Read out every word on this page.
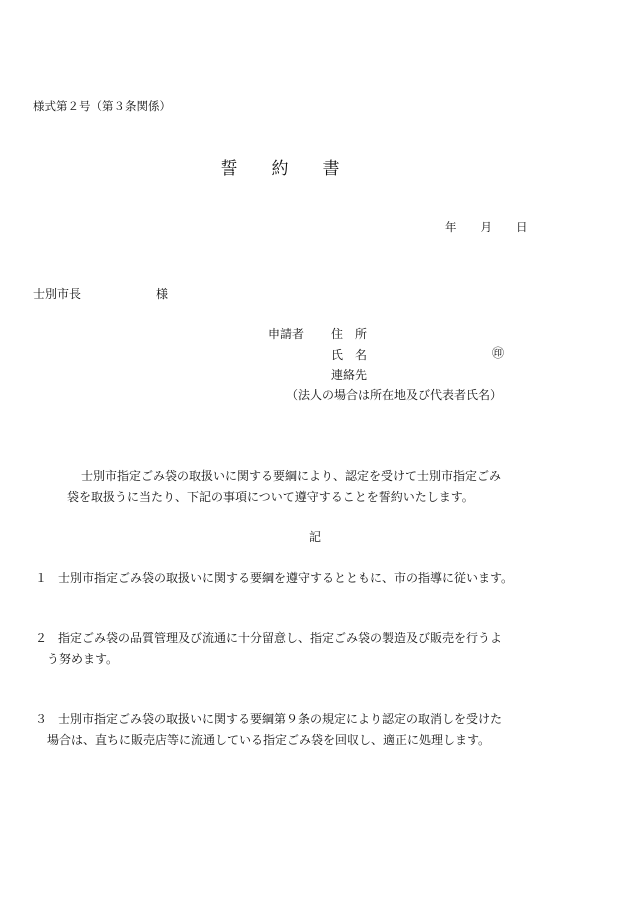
様式第２号（第３条関係）
誓 約 書
年 月 日
士別市長	様
申請者 住　所
氏　名	㊞
連絡先
（法人の場合は所在地及び代表者氏名）
士別市指定ごみ袋の取扱いに関する要綱により、認定を受けて士別市指定ごみ
袋を取扱うに当たり、下記の事項について遵守することを誓約いたします。
記
１ 士別市指定ごみ袋の取扱いに関する要綱を遵守するとともに、市の指導に従います。
２ 指定ごみ袋の品質管理及び流通に十分留意し、指定ごみ袋の製造及び販売を行うよ
う努めます。
３ 士別市指定ごみ袋の取扱いに関する要綱第９条の規定により認定の取消しを受けた
場合は、直ちに販売店等に流通している指定ごみ袋を回収し、適正に処理します。
